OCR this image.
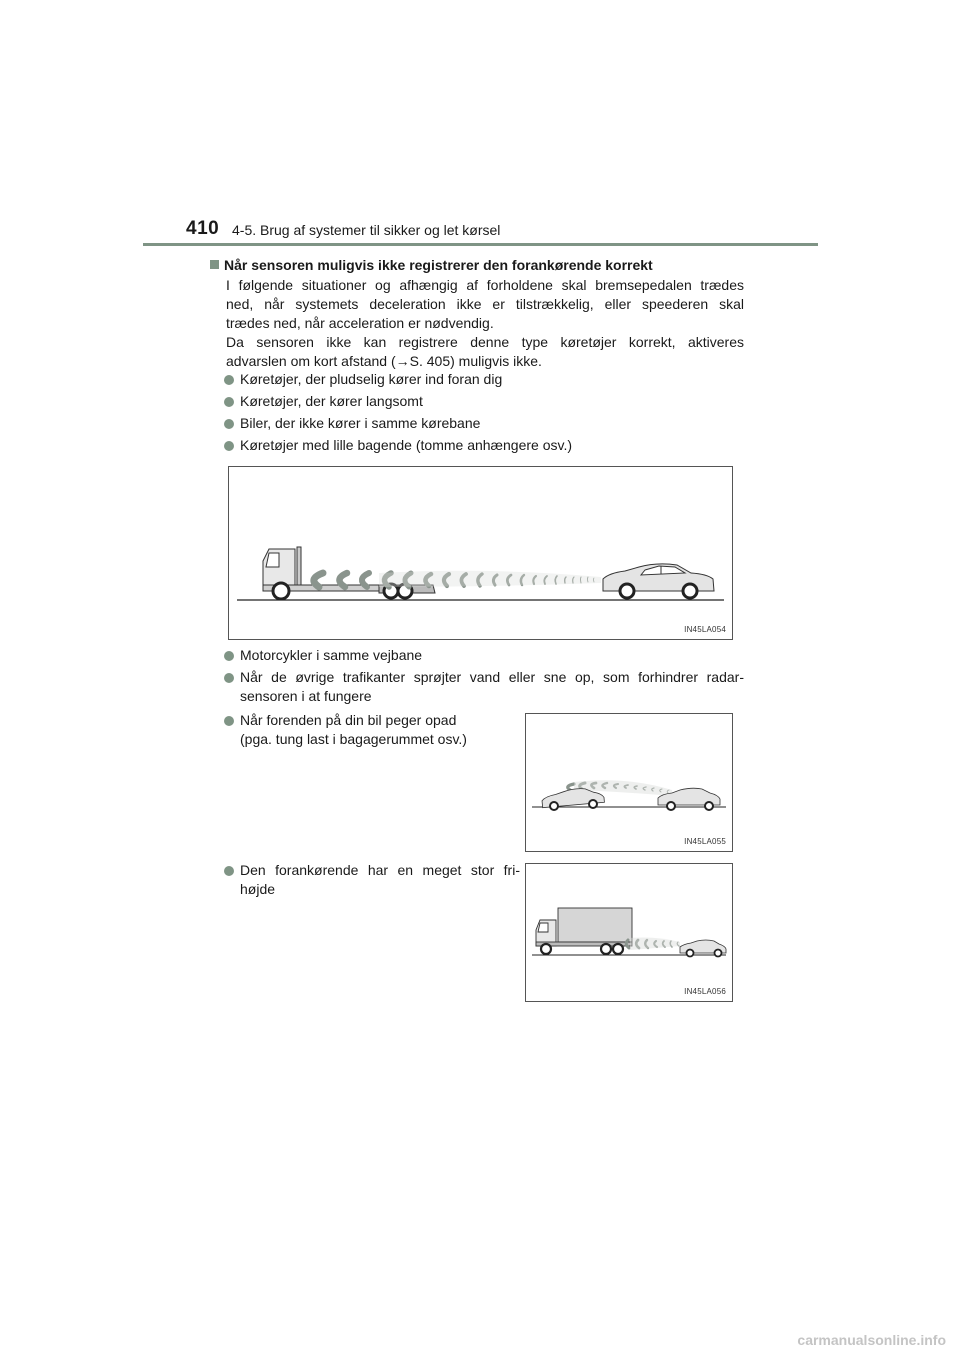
410 4-5. Brug af systemer til sikker og let kørsel
Når sensoren muligvis ikke registrerer den forankørende korrekt
I følgende situationer og afhængig af forholdene skal bremsepedalen trædes
ned, når systemets deceleration ikke er tilstrækkelig, eller speederen skal
trædes ned, når acceleration er nødvendig.
Da sensoren ikke kan registrere denne type køretøjer korrekt, aktiveres
advarslen om kort afstand (→S. 405) muligvis ikke.
Køretøjer, der pludselig kører ind foran dig
Køretøjer, der kører langsomt
Biler, der ikke kører i samme kørebane
Køretøjer med lille bagende (tomme anhængere osv.)
IN45LA054
Motorcykler i samme vejbane
Når de øvrige trafikanter sprøjter vand eller sne op, som forhindrer radar-
sensoren i at fungere
Når forenden på din bil peger opad
(pga. tung last i bagagerummet osv.)
IN45LA055
Den forankørende har en meget stor fri-
højde
IN45LA056
carmanualsonline.info
